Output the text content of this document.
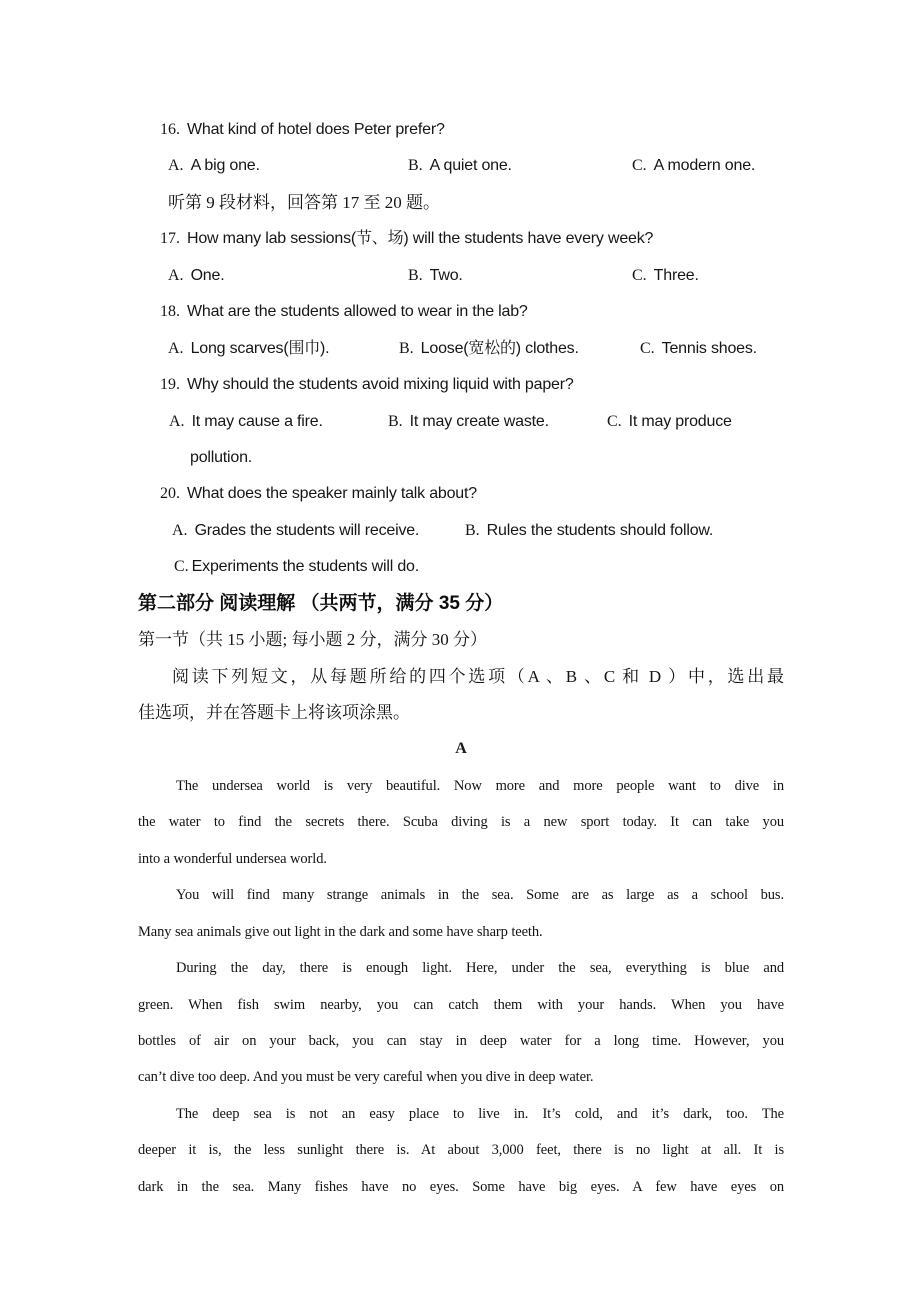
16. What kind of hotel does Peter prefer?
A. A big one.	B. A quiet one.	C. A modern one.
听第 9 段材料，回答第 17 至 20 题。
17. How many lab sessions(节、场) will the students have every week?
A. One.	B. Two.	C. Three.
18. What are the students allowed to wear in the lab?
A. Long scarves(围巾).	B. Loose(宽松的) clothes.	C. Tennis shoes.
19. Why should the students avoid mixing liquid with paper?
A. It may cause a fire.	B. It may create waste.	C. It may produce
pollution.
20. What does the speaker mainly talk about?
A. Grades the students will receive.	B. Rules the students should follow.
C. Experiments the students will do.
第二部分 阅读理解 （共两节，满分 35 分）
第一节（共 15 小题; 每小题 2 分，满分 30 分）
阅读下列短文，从每题所给的四个选项（A 、B 、C 和 D ）中，选出最
佳选项，并在答题卡上将该项涂黑。
A
The undersea world is very beautiful. Now more and more people want to dive in
the water to find the secrets there. Scuba diving is a new sport today. It can take you
into a wonderful undersea world.
You will find many strange animals in the sea. Some are as large as a school bus.
Many sea animals give out light in the dark and some have sharp teeth.
During the day, there is enough light. Here, under the sea, everything is blue and
green. When fish swim nearby, you can catch them with your hands. When you have
bottles of air on your back, you can stay in deep water for a long time. However, you
can’t dive too deep. And you must be very careful when you dive in deep water.
The deep sea is not an easy place to live in. It’s cold, and it’s dark, too. The
deeper it is, the less sunlight there is. At about 3,000 feet, there is no light at all. It is
dark in the sea. Many fishes have no eyes. Some have big eyes. A few have eyes on
